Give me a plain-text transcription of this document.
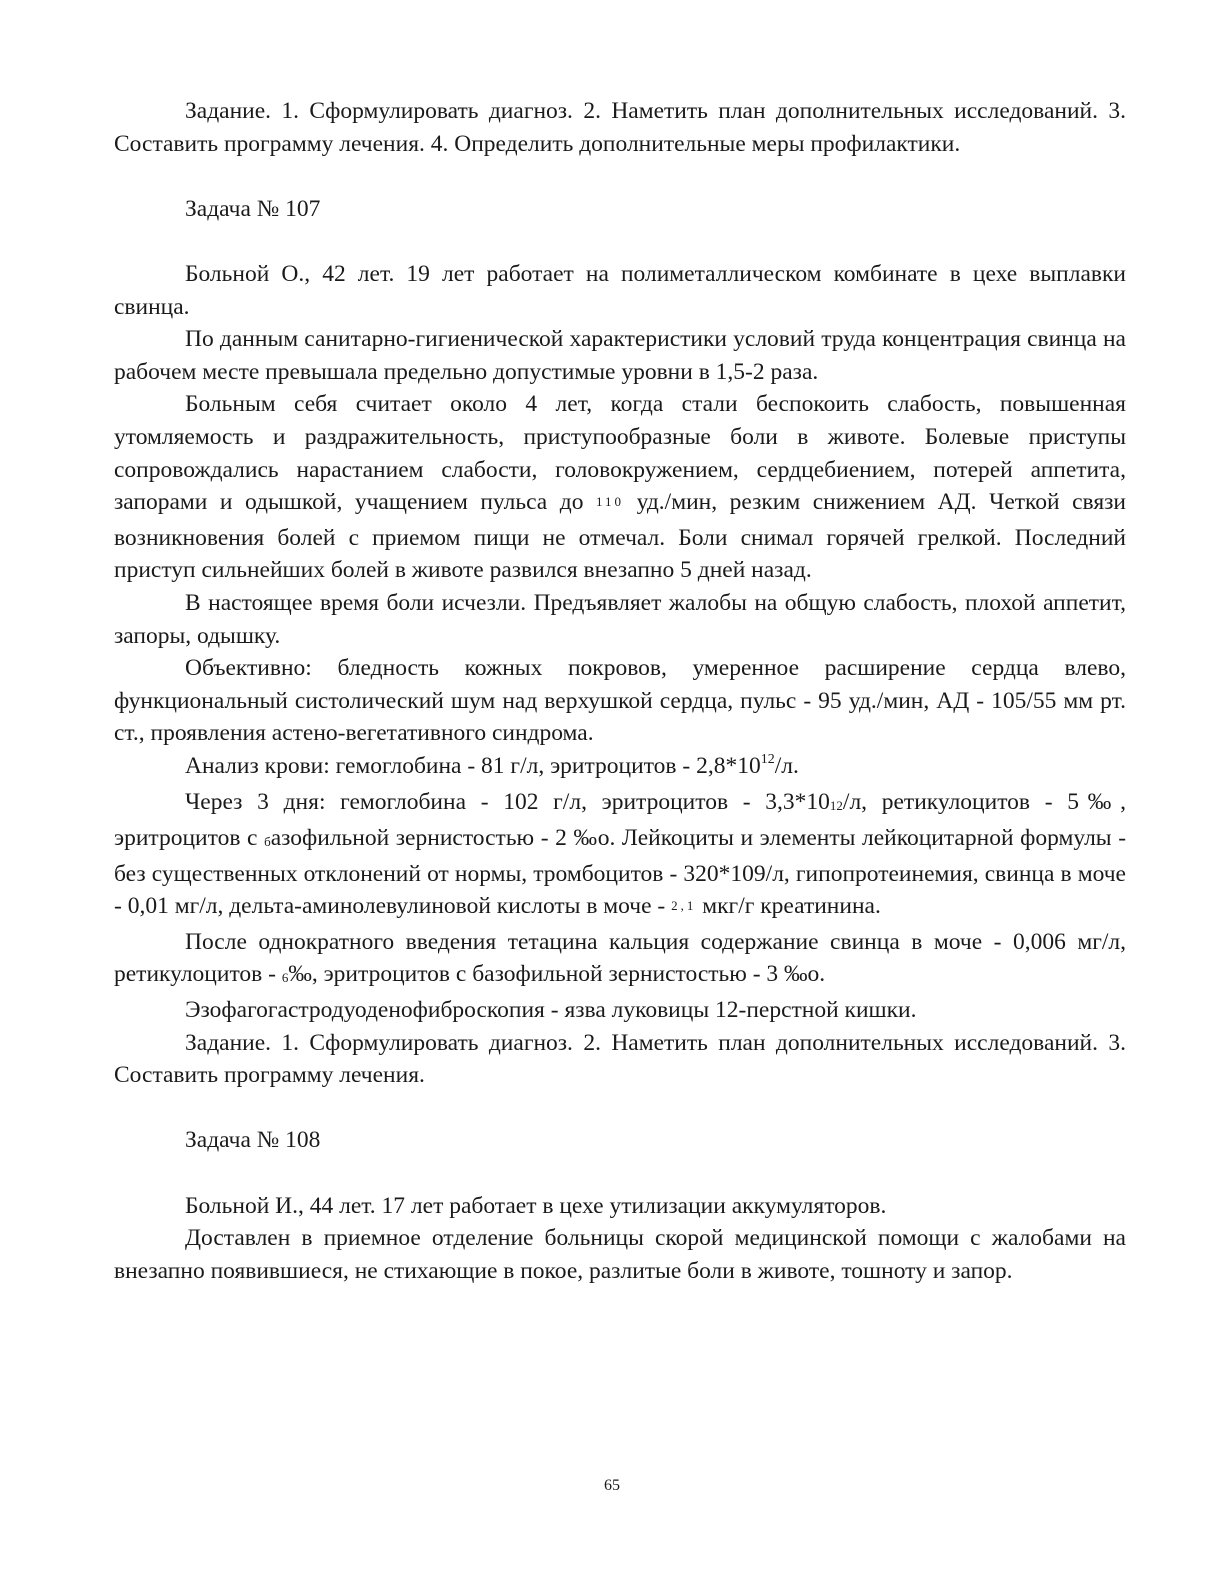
Задание. 1. Сформулировать диагноз. 2. Наметить план дополнительных исследований. 3. Составить программу лечения. 4. Определить дополнительные меры профилактики.

Задача № 107

Больной О., 42 лет. 19 лет работает на полиметаллическом комбинате в цехе выплавки свинца.

По данным санитарно-гигиенической характеристики условий труда концентрация свинца на рабочем месте превышала предельно допустимые уровни в 1,5-2 раза.

Больным себя считает около 4 лет, когда стали беспокоить слабость, повышенная утомляемость и раздражительность, приступообразные боли в животе. Болевые приступы сопровождались нарастанием слабости, головокружением, сердцебиением, потерей аппетита, запорами и одышкой, учащением пульса до 110 уд./мин, резким снижением АД. Четкой связи возникновения болей с приемом пищи не отмечал. Боли снимал горячей грелкой. Последний приступ сильнейших болей в животе развился внезапно 5 дней назад.

В настоящее время боли исчезли. Предъявляет жалобы на общую слабость, плохой аппетит, запоры, одышку.

Объективно: бледность кожных покровов, умеренное расширение сердца влево, функциональный систолический шум над верхушкой сердца, пульс - 95 уд./мин, АД - 105/55 мм рт. ст., проявления астено-вегетативного синдрома.

Анализ крови: гемоглобина - 81 г/л, эритроцитов - $2,8*10^{12}/л$.

Через 3 дня: гемоглобина - 102 г/л, эритроцитов - 3,3*1012/л, ретикулоцитов - 5‰, эритроцитов с базофильной зернистостью - 2 ‰о. Лейкоциты и элементы лейкоцитарной формулы - без существенных отклонений от нормы, тромбоцитов - 320*109/л, гипопротеинемия, свинца в моче - 0,01 мг/л, дельта-аминолевулиновой кислоты в моче - 2,1 мкг/г креатинина.

После однократного введения тетацина кальция содержание свинца в моче - 0,006 мг/л, ретикулоцитов - 6‰, эритроцитов с базофильной зернистостью - 3 ‰о.

Эзофагогастродуоденофиброскопия - язва луковицы 12-перстной кишки.

Задание. 1. Сформулировать диагноз. 2. Наметить план дополнительных исследований. 3. Составить программу лечения.

Задача № 108

Больной И., 44 лет. 17 лет работает в цехе утилизации аккумуляторов.

Доставлен в приемное отделение больницы скорой медицинской помощи с жалобами на внезапно появившиеся, не стихающие в покое, разлитые боли в животе, тошноту и запор.

65
